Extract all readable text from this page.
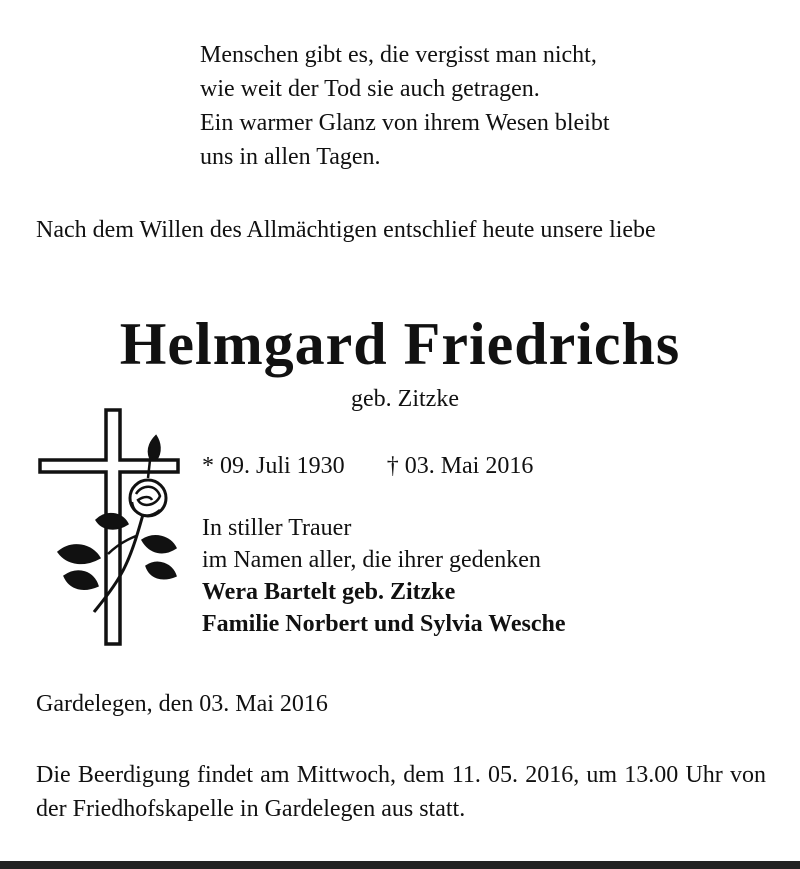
Menschen gibt es, die vergisst man nicht,
wie weit der Tod sie auch getragen.
Ein warmer Glanz von ihrem Wesen bleibt
uns in allen Tagen.
Nach dem Willen des Allmächtigen entschlief heute unsere liebe
Helmgard Friedrichs
geb. Zitzke
* 09. Juli 1930 † 03. Mai 2016
In stiller Trauer
im Namen aller, die ihrer gedenken
Wera Bartelt geb. Zitzke
Familie Norbert und Sylvia Wesche
Gardelegen, den 03. Mai 2016
Die Beerdigung findet am Mittwoch, dem 11. 05. 2016, um 13.00 Uhr von der Friedhofskapelle in Gardelegen aus statt.
